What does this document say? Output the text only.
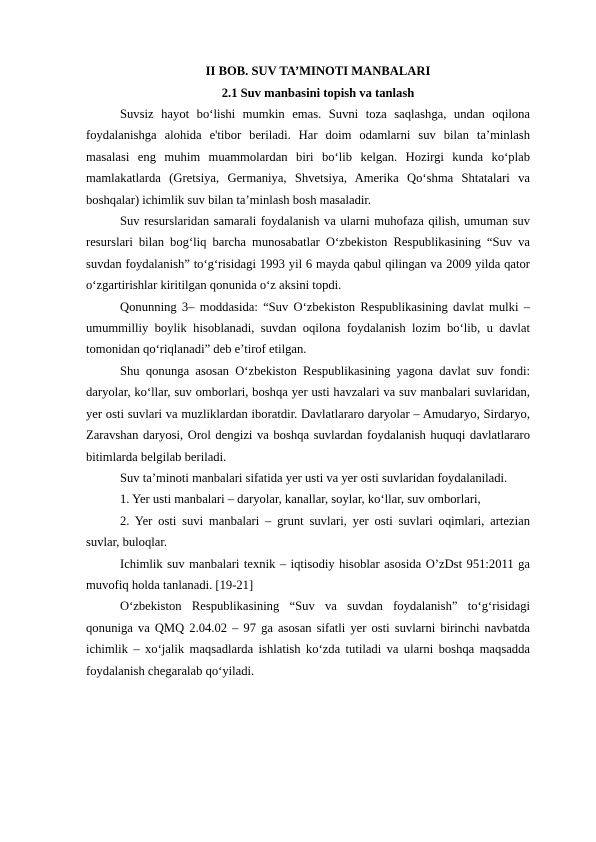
II BOB. SUV TA’MINOTI MANBALARI
2.1 Suv manbasini topish va tanlash

Suvsiz hayot bo‘lishi mumkin emas. Suvni toza saqlashga, undan oqilona foydalanishga alohida e'tibor beriladi. Har doim odamlarni suv bilan ta’minlash masalasi eng muhim muammolardan biri bo‘lib kelgan. Hozirgi kunda ko‘plab mamlakatlarda (Gretsiya, Germaniya, Shvetsiya, Amerika Qo‘shma Shtatalari va boshqalar) ichimlik suv bilan ta’minlash bosh masaladir.

Suv resurslaridan samarali foydalanish va ularni muhofaza qilish, umuman suv resurslari bilan bog‘liq barcha munosabatlar O‘zbekiston Respublikasining “Suv va suvdan foydalanish” to‘g‘risidagi 1993 yil 6 mayda qabul qilingan va 2009 yilda qator o‘zgartirishlar kiritilgan qonunida o‘z aksini topdi.

Qonunning 3– moddasida: “Suv O‘zbekiston Respublikasining davlat mulki – umummilliy boylik hisoblanadi, suvdan oqilona foydalanish lozim bo‘lib, u davlat tomonidan qo‘riqlanadi” deb e’tirof etilgan.

Shu qonunga asosan O‘zbekiston Respublikasining yagona davlat suv fondi: daryolar, ko‘llar, suv omborlari, boshqa yer usti havzalari va suv manbalari suvlaridan, yer osti suvlari va muzliklardan iboratdir. Davlatlararo daryolar – Amudaryo, Sirdaryo, Zaravshan daryosi, Orol dengizi va boshqa suvlardan foydalanish huquqi davlatlararo bitimlarda belgilab beriladi.

Suv ta’minoti manbalari sifatida yer usti va yer osti suvlaridan foydalaniladi.

1. Yer usti manbalari – daryolar, kanallar, soylar, ko‘llar, suv omborlari,

2. Yer osti suvi manbalari – grunt suvlari, yer osti suvlari oqimlari, artezian suvlar, buloqlar.

Ichimlik suv manbalari texnik – iqtisodiy hisoblar asosida O’zDst 951:2011 ga muvofiq holda tanlanadi. [19-21]

O‘zbekiston Respublikasining “Suv va suvdan foydalanish” to‘g‘risidagi qonuniga va QMQ 2.04.02 – 97 ga asosan sifatli yer osti suvlarni birinchi navbatda ichimlik – xo‘jalik maqsadlarda ishlatish ko‘zda tutiladi va ularni boshqa maqsadda foydalanish chegaralab qo‘yiladi.
